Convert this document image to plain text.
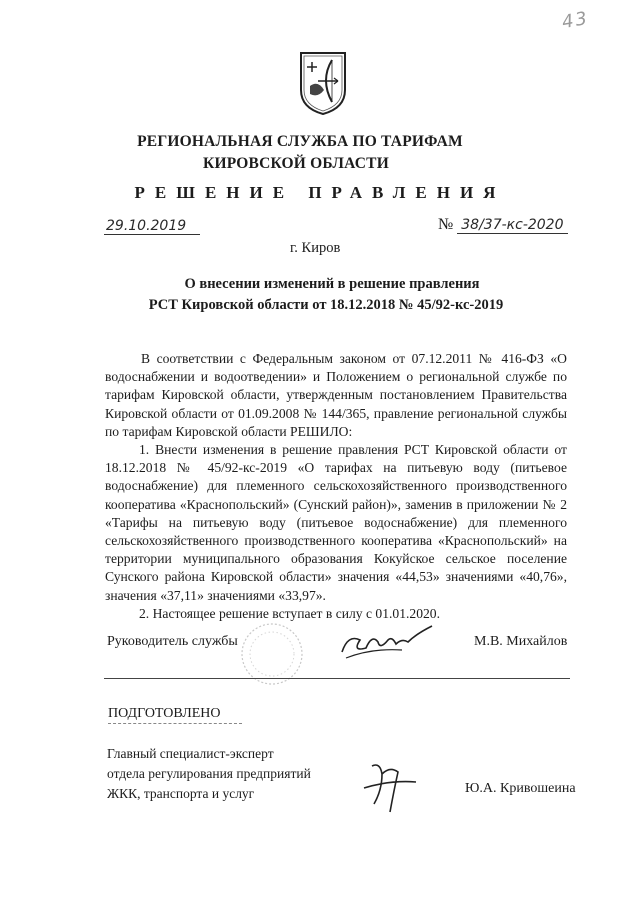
43
РЕГИОНАЛЬНАЯ СЛУЖБА ПО ТАРИФАМ
КИРОВСКОЙ ОБЛАСТИ
РЕШЕНИЕ ПРАВЛЕНИЯ
29.10.2019	№ 38/37-кс-2020
г. Киров
О внесении изменений в решение правления
РСТ Кировской области от 18.12.2018 № 45/92-кс-2019

В соответствии с Федеральным законом от 07.12.2011 № 416-ФЗ «О водоснабжении и водоотведении» и Положением о региональной службе по тарифам Кировской области, утвержденным постановлением Правительства Кировской области от 01.09.2008 № 144/365, правление региональной службы по тарифам Кировской области РЕШИЛО:

1. Внести изменения в решение правления РСТ Кировской области от 18.12.2018 № 45/92-кс-2019 «О тарифах на питьевую воду (питьевое водоснабжение) для племенного сельскохозяйственного производственного кооператива «Краснопольский» (Сунский район)», заменив в приложении № 2 «Тарифы на питьевую воду (питьевое водоснабжение) для племенного сельскохозяйственного производственного кооператива «Краснопольский» на территории муниципального образования Кокуйское сельское поселение Сунского района Кировской области» значения «44,53» значениями «40,76», значения «37,11» значениями «33,97».

2. Настоящее решение вступает в силу с 01.01.2020.

Руководитель службы	М.В. Михайлов
ПОДГОТОВЛЕНО
Главный специалист-эксперт
отдела регулирования предприятий
ЖКК, транспорта и услуг	Ю.А. Кривошеина
